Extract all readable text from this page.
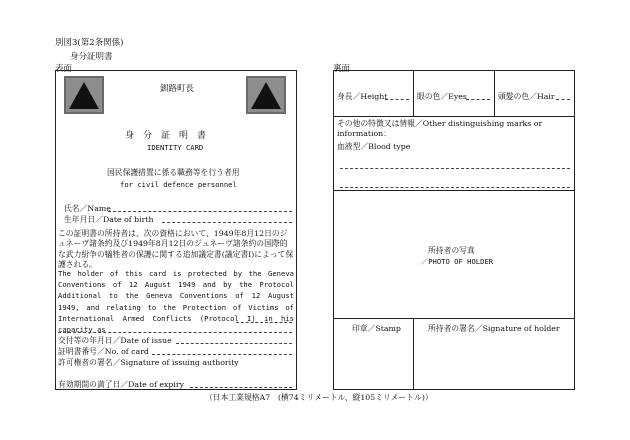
別図3(第2条関係)
身分証明書
表面	裏面
釧路町長
身　分　証　明　書
IDENTITY CARD
国民保護措置に係る職務等を行う者用
for civil defence personnel
氏名／Name
生年月日／Date of birth
この証明書の所持者は、次の資格において、1949年8月12日のジュネーヴ諸条約及び1949年8月12日のジュネーヴ諸条約の国際的な武力紛争の犠牲者の保護に関する追加議定書(議定書I)によって保護される。
The holder of this card is protected by the Geneva Conventions of 12 August 1949 and by the Protocol Additional to the Geneva Conventions of 12 August 1949, and relating to the Protection of Victims of International Armed Conflicts (Protocol I) in his capacity as
交付等の年月日／Date of issue
証明書番号／No. of card
許可権者の署名／Signature of issuing authority
有効期間の満了日／Date of expiry
身長／Height	眼の色／Eyes	頭髪の色／Hair
その他の特徴又は情報／Other distinguishing marks or information：
血液型／Blood type
所持者の写真
／PHOTO OF HOLDER
印章／Stamp	所持者の署名／Signature of holder
（日本工業規格A7　(横74ミリメートル、縦105ミリメートル)）
